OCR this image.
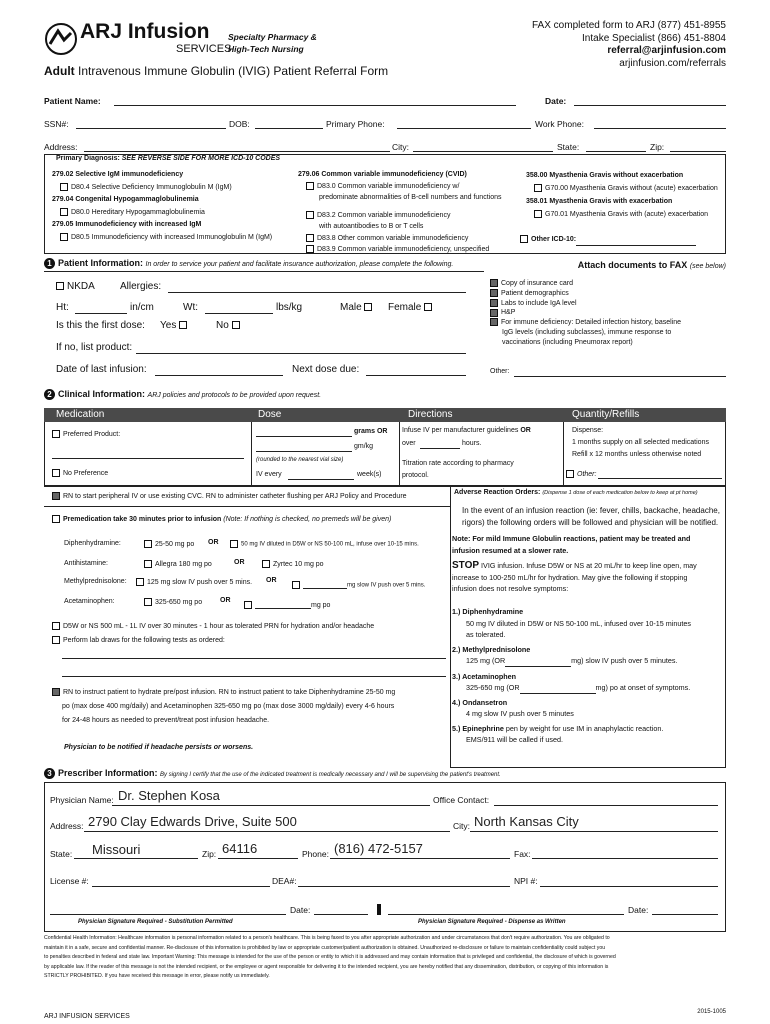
ARJ Infusion
SERVICES
Specialty Pharmacy &
High-Tech Nursing
FAX completed form to ARJ (877) 451-8955
Intake Specialist (866) 451-8804
referral@arjinfusion.com
arjinfusion.com/referrals
Adult Intravenous Immune Globulin (IVIG) Patient Referral Form
Patient Name:	Date:
SSN#:	DOB:	Primary Phone:	Work Phone:
Address:	City:	State:	Zip:
Primary Diagnosis: SEE REVERSE SIDE FOR MORE ICD-10 CODES
279.02 Selective IgM immunodeficiency
D80.4 Selective Deficiency Immunoglobulin M (IgM)
279.04 Congenital Hypogammaglobulinemia
D80.0 Hereditary Hypogammaglobulinemia
279.05 Immunodeficiency with increased IgM
D80.5 Immunodeficiency with increased Immunoglobulin M (IgM)
279.06 Common variable immunodeficiency (CVID)
D83.0 Common variable immunodeficiency w/
predominate abnormalities of B-cell numbers and functions
D83.2 Common variable immunodeficiency
with autoantibodies to B or T cells
D83.8 Other common variable immunodeficiency
D83.9 Common variable immunodeficiency, unspecified
358.00 Myasthenia Gravis without exacerbation
G70.00 Myasthenia Gravis without (acute) exacerbation
358.01 Myasthenia Gravis with exacerbation
G70.01 Myasthenia Gravis with (acute) exacerbation
Other ICD-10:
1 Patient Information: In order to service your patient and facilitate insurance authorization, please complete the following.	Attach documents to FAX (see below)
NKDA	Allergies:
Ht:	in/cm	Wt:	lbs/kg	Male	Female
Is this the first dose: Yes	No
If no, list product:
Date of last infusion:	Next dose due:
Copy of insurance card
Patient demographics
Labs to include IgA level
H&P
For immune deficiency: Detailed infection history, baseline
IgG levels (including subclasses), immune response to
vaccinations (including Pneumorax report)
Other:
2 Clinical Information: ARJ policies and protocols to be provided upon request.
Medication	Dose	Directions	Quantity/Refills
Preferred Product:
No Preference
grams OR
gm/kg
(rounded to the nearest vial size)
IV every	week(s)
Infuse IV per manufacturer guidelines OR
over	hours.
Titration rate according to pharmacy
protocol.
Dispense:
1 months supply on all selected medications
Refill x 12 months unless otherwise noted
Other:
RN to start peripheral IV or use existing CVC. RN to administer catheter flushing per ARJ Policy and Procedure
Premedication take 30 minutes prior to infusion (Note: If nothing is checked, no premeds will be given)
Diphenhydramine:	25-50 mg po OR	50 mg IV diluted in D5W or NS 50-100 mL, infuse over 10-15 mins.
Antihistamine:	Allegra 180 mg po	OR	Zyrtec 10 mg po
Methylprednisolone:	125 mg slow IV push over 5 mins. OR
mg slow IV push over 5 mins.
Acetaminophen:	325-650 mg po	OR
mg po
D5W or NS 500 mL - 1L IV over 30 minutes - 1 hour as tolerated PRN for hydration and/or headache
Perform lab draws for the following tests as ordered:
RN to instruct patient to hydrate pre/post infusion. RN to instruct patient to take Diphenhydramine 25-50 mg
po (max dose 400 mg/daily) and Acetaminophen 325-650 mg po (max dose 3000 mg/daily) every 4-6 hours
for 24-48 hours as needed to prevent/treat post infusion headache.
Physician to be notified if headache persists or worsens.
Adverse Reaction Orders: (Dispense 1 dose of each medication below to keep at pt home)
In the event of an infusion reaction (ie: fever, chills, backache, headache,
rigors) the following orders will be followed and physician will be notified.
Note: For mild Immune Globulin reactions, patient may be treated and
infusion resumed at a slower rate.
STOP IVIG infusion. Infuse D5W or NS at 20 mL/hr to keep line open, may
increase to 100-250 mL/hr for hydration. May give the following if stopping
infusion does not resolve symptoms:
1.) Diphenhydramine
50 mg IV diluted in D5W or NS 50-100 mL, infused over 10-15 minutes
as tolerated.
2.) Methylprednisolone
125 mg (OR	mg) slow IV push over 5 minutes.
3.) Acetaminophen
325-650 mg (OR	mg) po at onset of symptoms.
4.) Ondansetron
4 mg slow IV push over 5 minutes
5.) Epinephrine pen by weight for use IM in anaphylactic reaction.
EMS/911 will be called if used.
3 Prescriber Information: By signing I certify that the use of the indicated treatment is medically necessary and I will be supervising the patient's treatment.
Physician Name: Dr. Stephen Kosa	Office Contact:
Address: 2790 Clay Edwards Drive, Suite 500	City: North Kansas City
State: Missouri	Zip: 64116	Phone: (816) 472-5157	Fax:
License #:	DEA#:	NPI #:
Date:	Date:
Physician Signature Required - Substitution Permitted	Physician Signature Required - Dispense as Written
Confidential Health Information: Healthcare information is personal information related to a person's healthcare. This is being faxed to you after appropriate authorization and under circumstances that don't require authorization. You are obligated to
maintain it in a safe, secure and confidential manner. Re-disclosure of this information is prohibited by law or appropriate customer/patient authorization is obtained. Unauthorized re-disclosure or failure to maintain confidentiality could subject you
to penalties described in federal and state law. Important Warning: This message is intended for the use of the person or entity to which it is addressed and may contain information that is privileged and confidential, the disclosure of which is governed
by applicable law. If the reader of this message is not the intended recipient, or the employee or agent responsible for delivering it to the intended recipient, you are hereby notified that any dissemination, distribution, or copying of this information is
STRICTLY PROHIBITED. If you have received this message in error, please notify us immediately.
ARJ INFUSION SERVICES
2015-1005
